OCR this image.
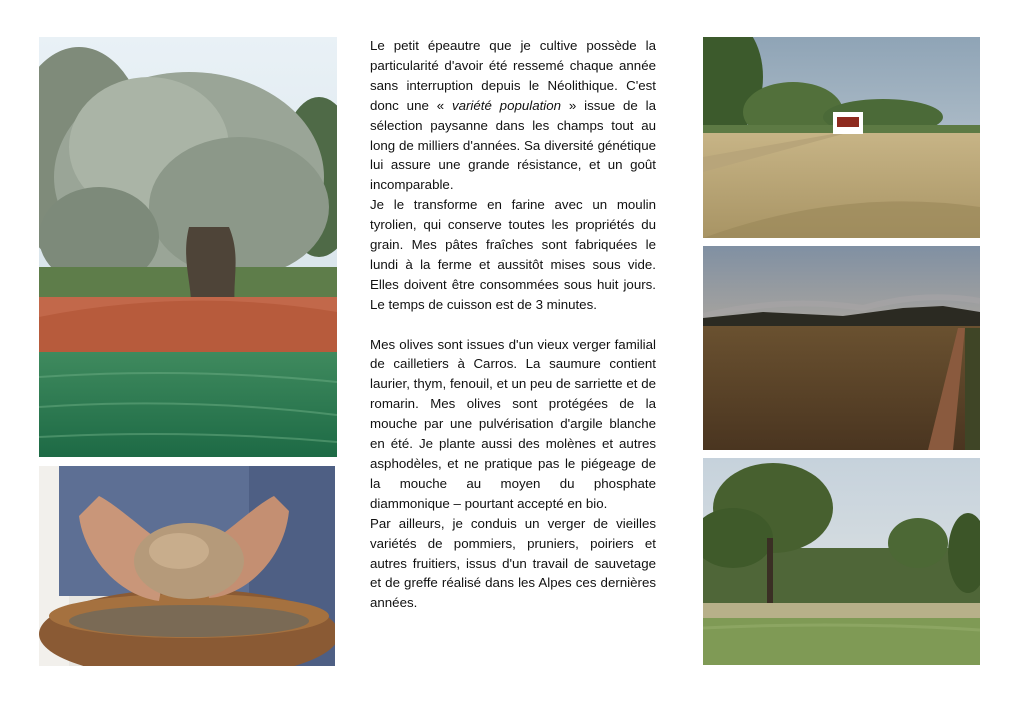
Le petit épeautre que je cultive possède la particularité d'avoir été ressemé chaque année sans interruption depuis le Néolithique. C'est donc une « variété population » issue de la sélection paysanne dans les champs tout au long de milliers d'années. Sa diversité génétique lui assure une grande résistance, et un goût incomparable.

Je le transforme en farine avec un moulin tyrolien, qui conserve toutes les propriétés du grain. Mes pâtes fraîches sont fabriquées le lundi à la ferme et aussitôt mises sous vide. Elles doivent être consommées sous huit jours. Le temps de cuisson est de 3 minutes.

Mes olives sont issues d'un vieux verger familial de cailletiers à Carros. La saumure contient laurier, thym, fenouil, et un peu de sarriette et de romarin. Mes olives sont protégées de la mouche par une pulvérisation d'argile blanche en été. Je plante aussi des molènes et autres asphodèles, et ne pratique pas le piégeage de la mouche au moyen du phosphate diammonique – pourtant accepté en bio.

Par ailleurs, je conduis un verger de vieilles variétés de pommiers, pruniers, poiriers et autres fruitiers, issus d'un travail de sauvetage et de greffe réalisé dans les Alpes ces dernières années.
